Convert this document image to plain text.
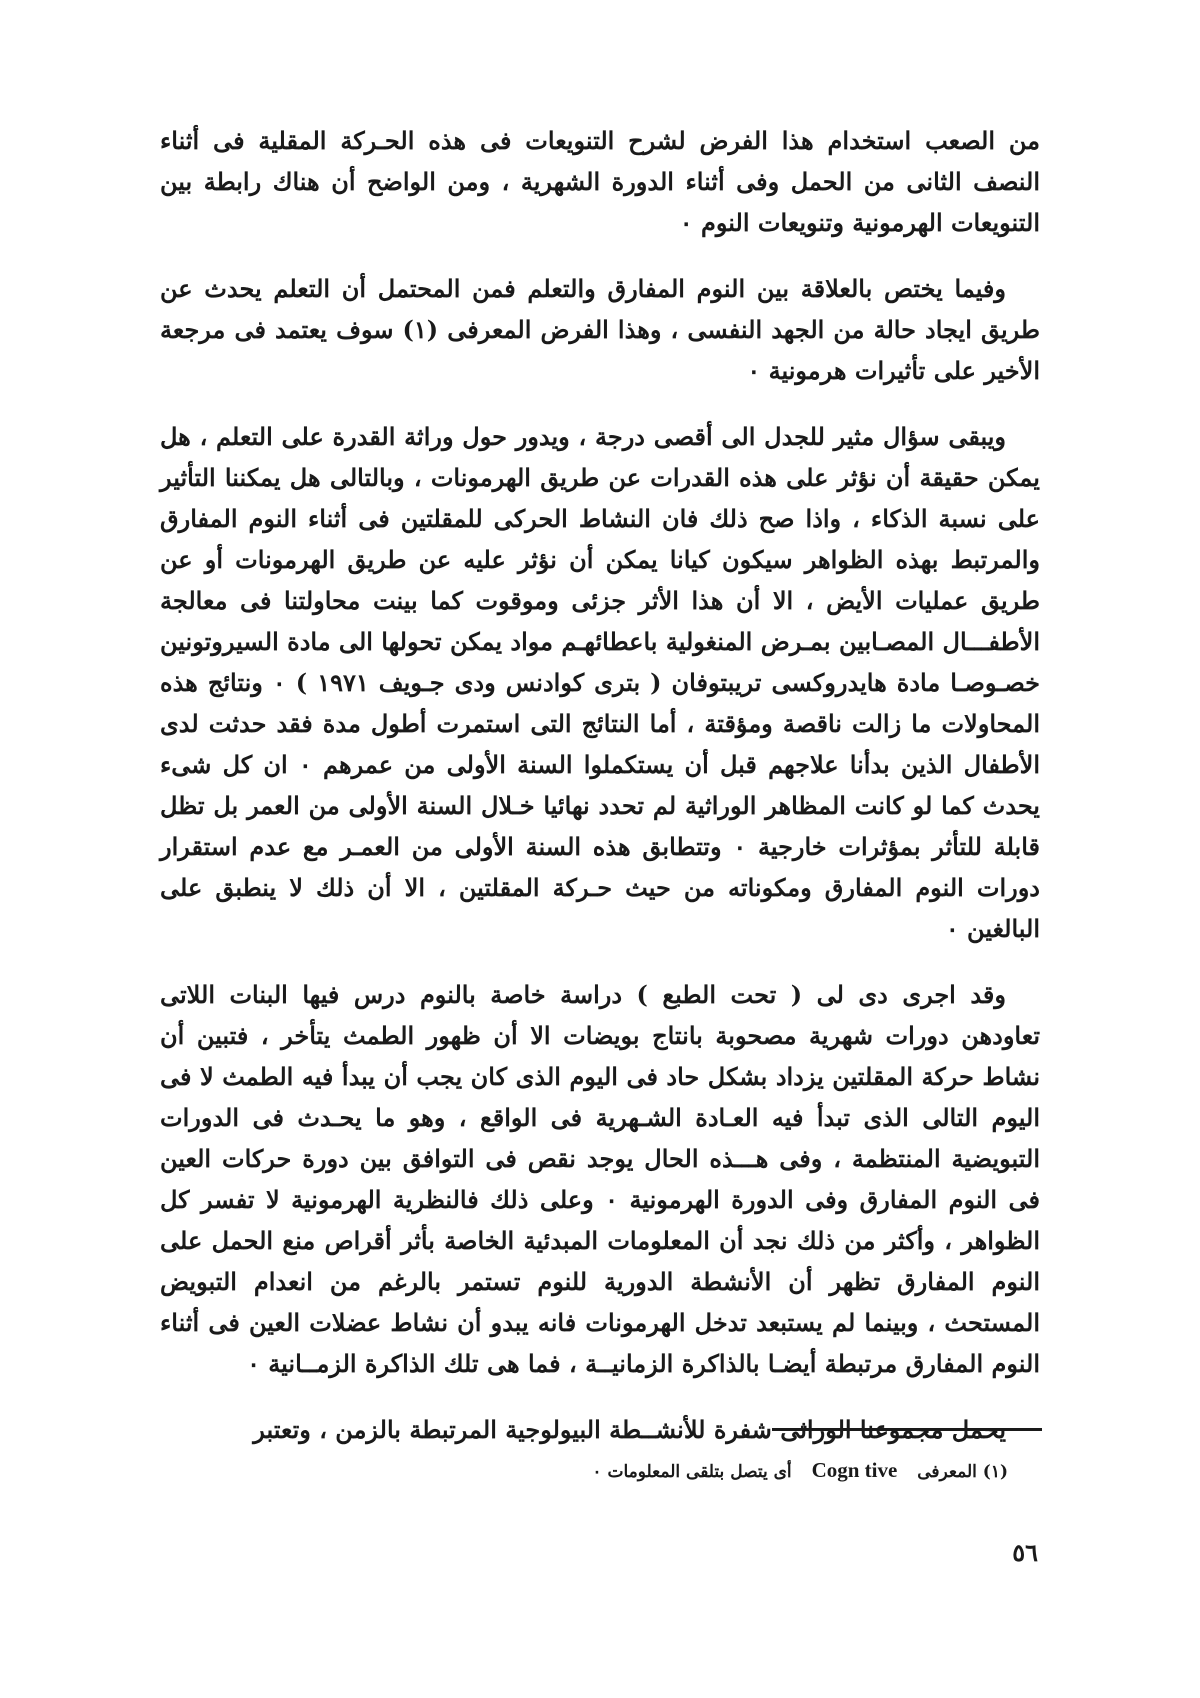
من الصعب استخدام هذا الفرض لشرح التنويعات فى هذه الحـركة المقلية فى أثناء النصف الثانى من الحمل وفى أثناء الدورة الشهرية ، ومن الواضح أن هناك رابطة بين التنويعات الهرمونية وتنويعات النوم ٠

وفيما يختص بالعلاقة بين النوم المفارق والتعلم فمن المحتمل أن التعلم يحدث عن طريق ايجاد حالة من الجهد النفسى ، وهذا الفرض المعرفى (١) سوف يعتمد فى مرجعة الأخير على تأثيرات هرمونية ٠

ويبقى سؤال مثير للجدل الى أقصى درجة ، ويدور حول وراثة القدرة على التعلم ، هل يمكن حقيقة أن نؤثر على هذه القدرات عن طريق الهرمونات ، وبالتالى هل يمكننا التأثير على نسبة الذكاء ، واذا صح ذلك فان النشاط الحركى للمقلتين فى أثناء النوم المفارق والمرتبط بهذه الظواهر سيكون كيانا يمكن أن نؤثر عليه عن طريق الهرمونات أو عن طريق عمليات الأيض ، الا أن هذا الأثر جزئى وموقوت كما بينت محاولتنا فى معالجة الأطفـــال المصـابين بمـرض المنغولية باعطائهـم مواد يمكن تحولها الى مادة السيروتونين خصـوصـا مادة هايدروكسى تريبتوفان ( بترى كوادنس ودى جـويف ١٩٧١ ) ٠ ونتائج هذه المحاولات ما زالت ناقصة ومؤقتة ، أما النتائج التى استمرت أطول مدة فقد حدثت لدى الأطفال الذين بدأنا علاجهم قبل أن يستكملوا السنة الأولى من عمرهم ٠ ان كل شىء يحدث كما لو كانت المظاهر الوراثية لم تحدد نهائيا خـلال السنة الأولى من العمر بل تظل قابلة للتأثر بمؤثرات خارجية ٠ وتتطابق هذه السنة الأولى من العمـر مع عدم استقرار دورات النوم المفارق ومكوناته من حيث حـركة المقلتين ، الا أن ذلك لا ينطبق على البالغين ٠

وقد اجرى دى لى ( تحت الطبع ) دراسة خاصة بالنوم درس فيها البنات اللاتى تعاودهن دورات شهرية مصحوبة بانتاج بويضات الا أن ظهور الطمث يتأخر ، فتبين أن نشاط حركة المقلتين يزداد بشكل حاد فى اليوم الذى كان يجب أن يبدأ فيه الطمث لا فى اليوم التالى الذى تبدأ فيه العـادة الشـهرية فى الواقع ، وهو ما يحـدث فى الدورات التبويضية المنتظمة ، وفى هـــذه الحال يوجد نقص فى التوافق بين دورة حركات العين فى النوم المفارق وفى الدورة الهرمونية ٠ وعلى ذلك فالنظرية الهرمونية لا تفسر كل الظواهر ، وأكثر من ذلك نجد أن المعلومات المبدئية الخاصة بأثر أقراص منع الحمل على النوم المفارق تظهر أن الأنشطة الدورية للنوم تستمر بالرغم من انعدام التبويض المستحث ، وبينما لم يستبعد تدخل الهرمونات فانه يبدو أن نشاط عضلات العين فى أثناء النوم المفارق مرتبطة أيضـا بالذاكرة الزمانيــة ، فما هى تلك الذاكرة الزمــانية ٠

يحمل مجموعنا الوراثى شفرة للأنشــطة البيولوجية المرتبطة بالزمن ، وتعتبر

(١) المعرفى Cogn tive أى يتصل بتلقى المعلومات ٠
٥٦
